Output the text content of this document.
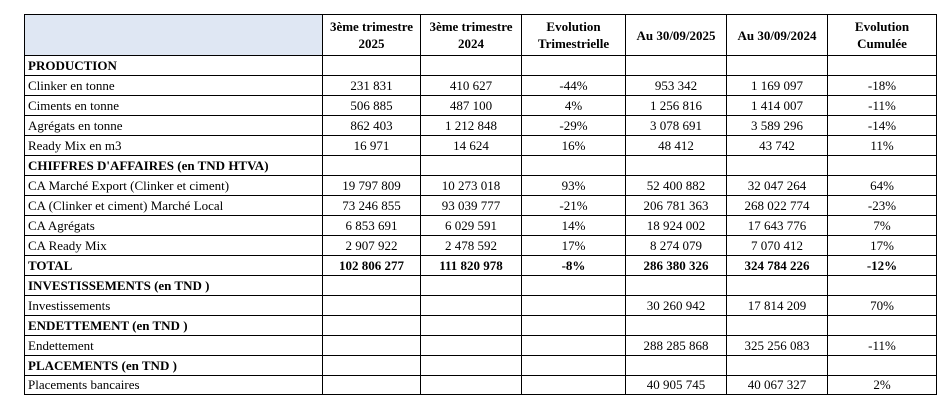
	3ème trimestre 2025	3ème trimestre 2024	Evolution Trimestrielle	Au 30/09/2025	Au 30/09/2024	Evolution Cumulée
PRODUCTION						
Clinker en tonne	231 831	410 627	-44%	953 342	1 169 097	-18%
Ciments en tonne	506 885	487 100	4%	1 256 816	1 414 007	-11%
Agrégats en tonne	862 403	1 212 848	-29%	3 078 691	3 589 296	-14%
Ready Mix en m3	16 971	14 624	16%	48 412	43 742	11%
CHIFFRES D'AFFAIRES (en TND HTVA)						
CA Marché Export (Clinker et ciment)	19 797 809	10 273 018	93%	52 400 882	32 047 264	64%
CA (Clinker et ciment) Marché Local	73 246 855	93 039 777	-21%	206 781 363	268 022 774	-23%
CA Agrégats	6 853 691	6 029 591	14%	18 924 002	17 643 776	7%
CA Ready Mix	2 907 922	2 478 592	17%	8 274 079	7 070 412	17%
TOTAL	102 806 277	111 820 978	-8%	286 380 326	324 784 226	-12%
INVESTISSEMENTS (en TND )						
Investissements				30 260 942	17 814 209	70%
ENDETTEMENT (en TND )						
Endettement				288 285 868	325 256 083	-11%
PLACEMENTS (en TND )						
Placements bancaires				40 905 745	40 067 327	2%
